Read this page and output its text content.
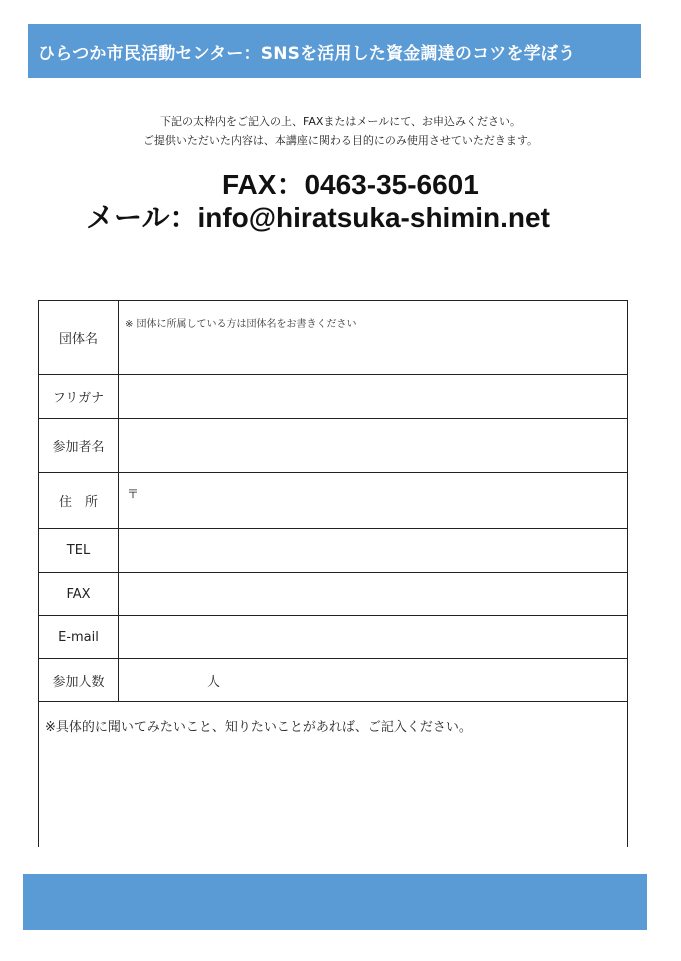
ひらつか市民活動センター：SNSを活用した資金調達のコツを学ぼう
下記の太枠内をご記入の上、FAXまたはメールにて、お申込みください。
ご提供いただいた内容は、本講座に関わる目的にのみ使用させていただきます。
FAX：0463-35-6601
メール：info@hiratsuka-shimin.net
団体名	※ 団体に所属している方は団体名をお書きください

フリガナ	
参加者名	
住　所	〒

TEL	
FAX	
E-mail	
参加人数	人

※具体的に聞いてみたいこと、知りたいことがあれば、ご記入ください。	
